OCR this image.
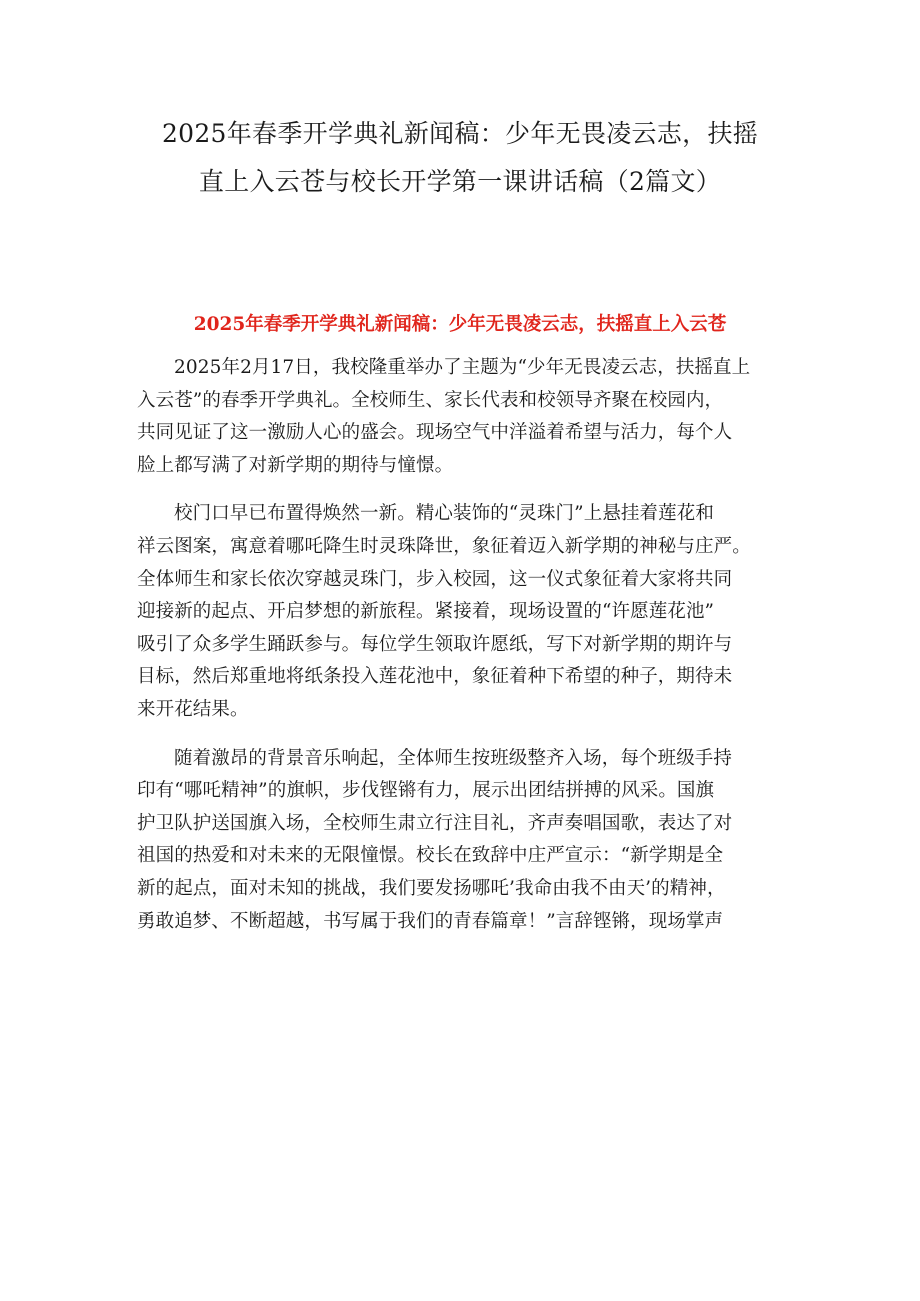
2025年春季开学典礼新闻稿：少年无畏凌云志，扶摇
直上入云苍与校长开学第一课讲话稿（2篇文）
2025年春季开学典礼新闻稿：少年无畏凌云志，扶摇直上入云苍

2025年2月17日，我校隆重举办了主题为“少年无畏凌云志，扶摇直上
入云苍”的春季开学典礼。全校师生、家长代表和校领导齐聚在校园内，
共同见证了这一激励人心的盛会。现场空气中洋溢着希望与活力，每个人
脸上都写满了对新学期的期待与憧憬。

校门口早已布置得焕然一新。精心装饰的“灵珠门”上悬挂着莲花和
祥云图案，寓意着哪吒降生时灵珠降世，象征着迈入新学期的神秘与庄严。
全体师生和家长依次穿越灵珠门，步入校园，这一仪式象征着大家将共同
迎接新的起点、开启梦想的新旅程。紧接着，现场设置的“许愿莲花池”
吸引了众多学生踊跃参与。每位学生领取许愿纸，写下对新学期的期许与
目标，然后郑重地将纸条投入莲花池中，象征着种下希望的种子，期待未
来开花结果。

随着激昂的背景音乐响起，全体师生按班级整齐入场，每个班级手持
印有“哪吒精神”的旗帜，步伐铿锵有力，展示出团结拼搏的风采。国旗
护卫队护送国旗入场，全校师生肃立行注目礼，齐声奏唱国歌，表达了对
祖国的热爱和对未来的无限憧憬。校长在致辞中庄严宣示：“新学期是全
新的起点，面对未知的挑战，我们要发扬哪吒’我命由我不由天’的精神，
勇敢追梦、不断超越，书写属于我们的青春篇章！”言辞铿锵，现场掌声
